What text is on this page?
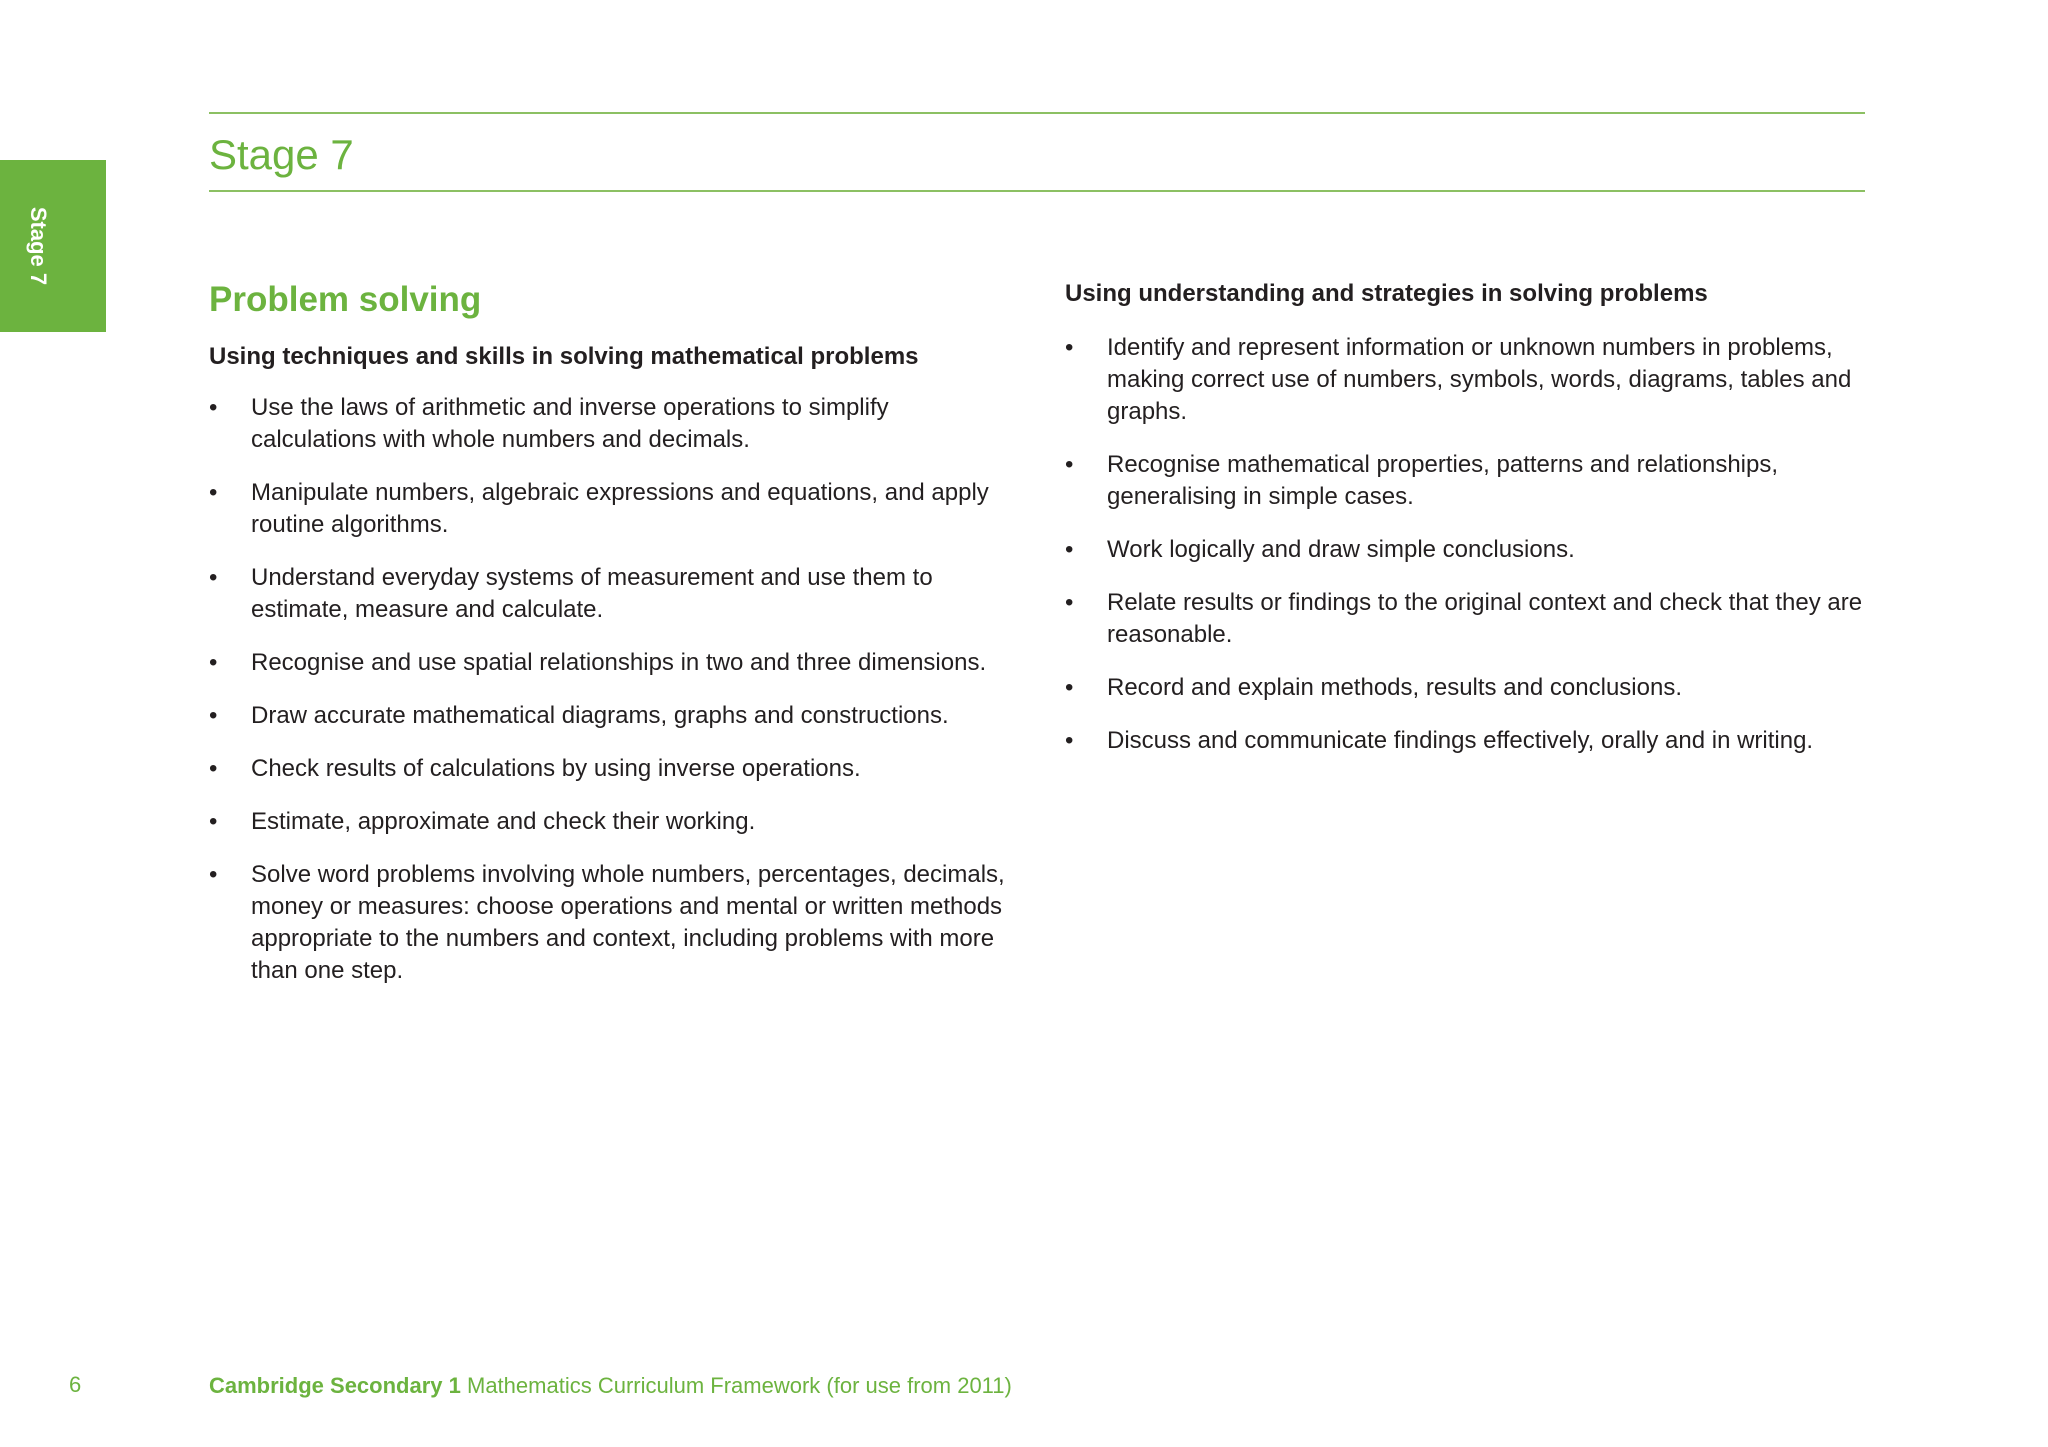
Stage 7
Stage 7
Problem solving
Using techniques and skills in solving mathematical problems
•	Use the laws of arithmetic and inverse operations to simplify calculations with whole numbers and decimals.
•	Manipulate numbers, algebraic expressions and equations, and apply routine algorithms.
•	Understand everyday systems of measurement and use them to estimate, measure and calculate.
•	Recognise and use spatial relationships in two and three dimensions.
•	Draw accurate mathematical diagrams, graphs and constructions.
•	Check results of calculations by using inverse operations.
•	Estimate, approximate and check their working.
•	Solve word problems involving whole numbers, percentages, decimals, money or measures: choose operations and mental or written methods appropriate to the numbers and context, including problems with more than one step.
Using understanding and strategies in solving problems
•	Identify and represent information or unknown numbers in problems, making correct use of numbers, symbols, words, diagrams, tables and graphs.
•	Recognise mathematical properties, patterns and relationships, generalising in simple cases.
•	Work logically and draw simple conclusions.
•	Relate results or findings to the original context and check that they are reasonable.
•	Record and explain methods, results and conclusions.
•	Discuss and communicate findings effectively, orally and in writing.
6	Cambridge Secondary 1 Mathematics Curriculum Framework (for use from 2011)
